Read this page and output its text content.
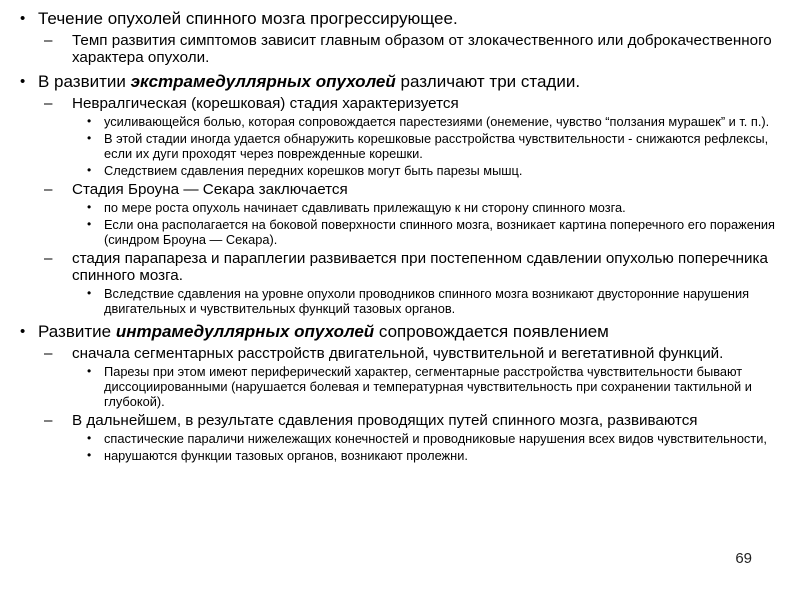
• Течение опухолей спинного мозга прогрессирующее.
– Темп развития симптомов зависит главным образом от злокачественного или доброкачественного характера опухоли.
• В развитии экстрамедуллярных опухолей различают три стадии.
– Невралгическая (корешковая) стадия характеризуется
• усиливающейся болью, которая сопровождается парестезиями (онемение, чувство “ползания мурашек” и т. п.).
• В этой стадии иногда удается обнаружить корешковые расстройства чувствительности - снижаются рефлексы, если их дуги проходят через поврежденные корешки.
• Следствием сдавления передних корешков могут быть парезы мышц.
– Стадия Броуна — Секара заключается
• по мере роста опухоль начинает сдавливать прилежащую к ни сторону спинного мозга.
• Если она располагается на боковой поверхности спинного мозга, возникает картина поперечного его поражения (синдром Броуна — Секара).
– стадия парапареза и параплегии развивается при постепенном сдавлении опухолью поперечника спинного мозга.
• Вследствие сдавления на уровне опухоли проводников спинного мозга возникают двусторонние нарушения двигательных и чувствительных функций тазовых органов.
• Развитие интрамедуллярных опухолей сопровождается появлением
– сначала сегментарных расстройств двигательной, чувствительной и вегетативной функций.
• Парезы при этом имеют периферический характер, сегментарные расстройства чувствительности бывают диссоциированными (нарушается болевая и температурная чувствительность при сохранении тактильной и глубокой).
– В дальнейшем, в результате сдавления проводящих путей спинного мозга, развиваются
• спастические параличи нижележащих конечностей и проводниковые нарушения всех видов чувствительности,
• нарушаются функции тазовых органов, возникают пролежни.
69
